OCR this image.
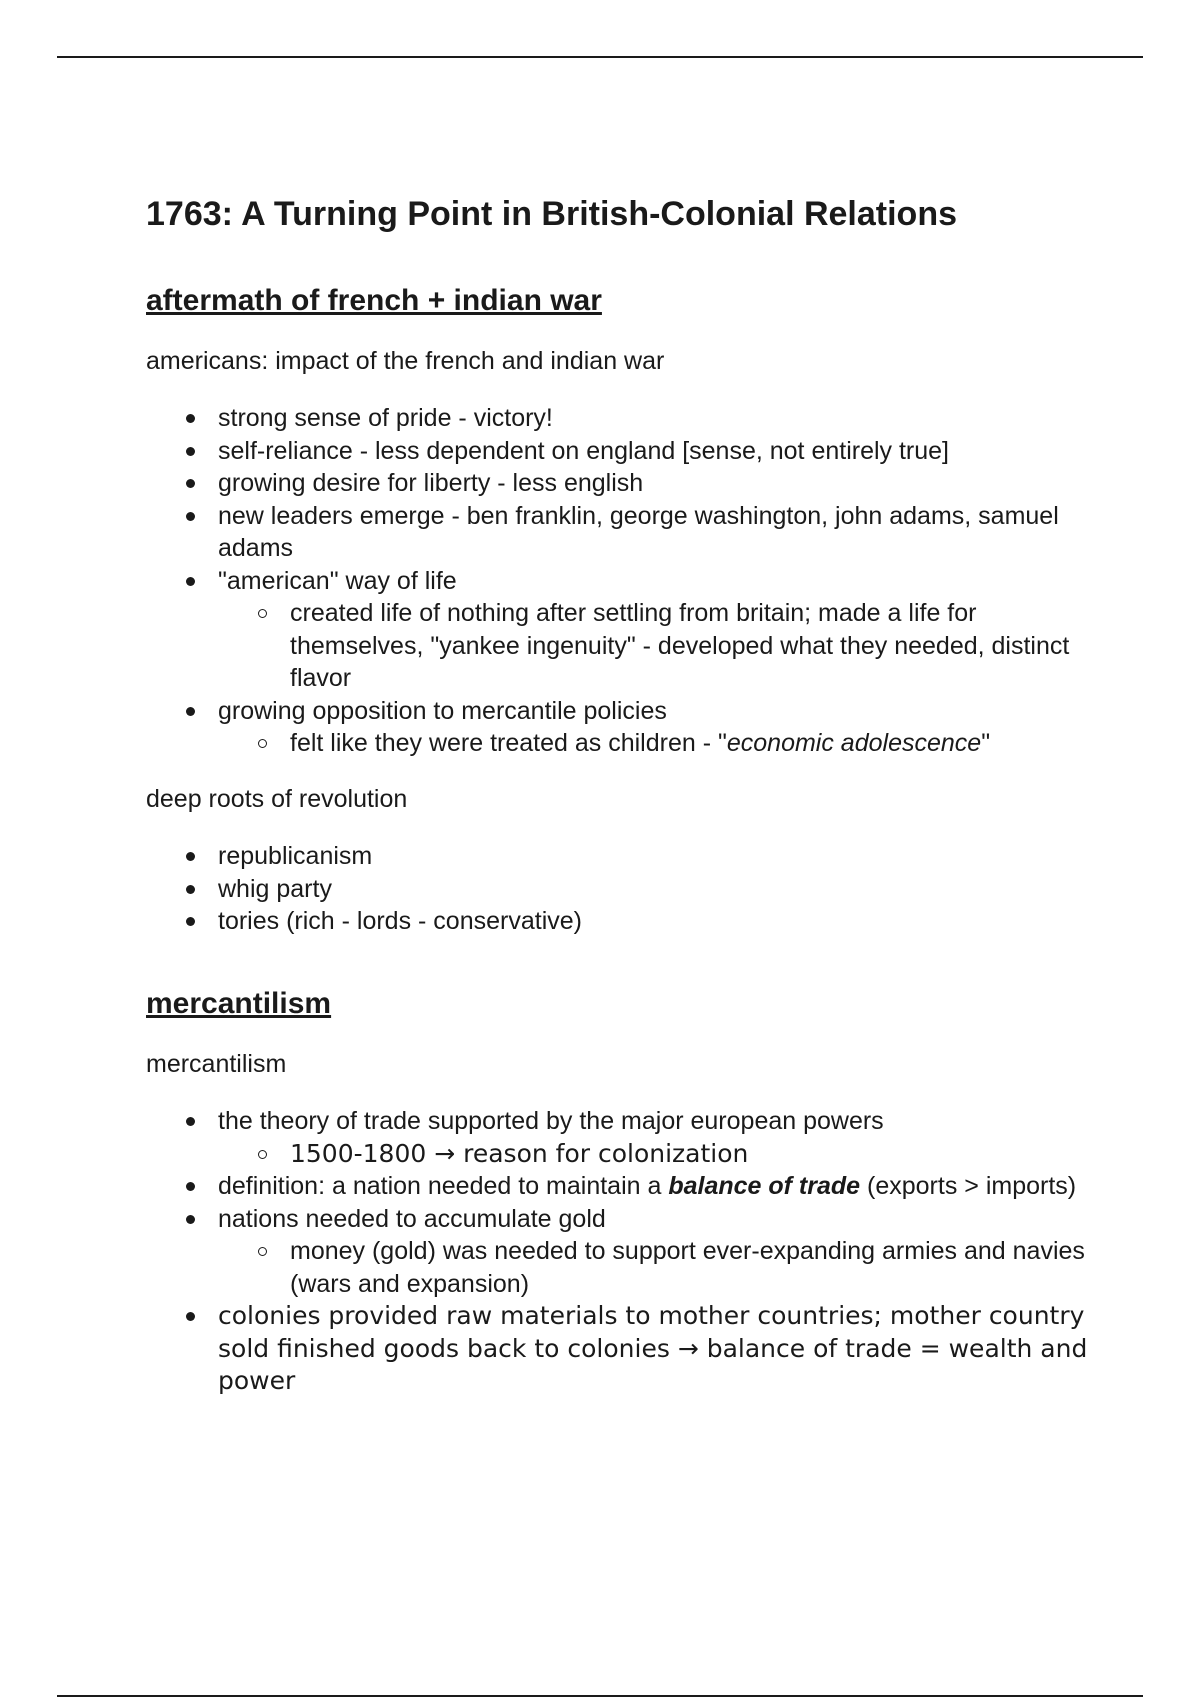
1763: A Turning Point in British-Colonial Relations
aftermath of french + indian war

americans: impact of the french and indian war

strong sense of pride - victory!
self-reliance - less dependent on england [sense, not entirely true]
growing desire for liberty - less english
new leaders emerge - ben franklin, george washington, john adams, samuel adams
"american" way of life
created life of nothing after settling from britain; made a life for themselves, "yankee ingenuity" - developed what they needed, distinct flavor
growing opposition to mercantile policies
felt like they were treated as children - "economic adolescence"

deep roots of revolution

republicanism
whig party
tories (rich - lords - conservative)
mercantilism

mercantilism

the theory of trade supported by the major european powers
1500-1800 → reason for colonization
definition: a nation needed to maintain a balance of trade (exports > imports)
nations needed to accumulate gold
money (gold) was needed to support ever-expanding armies and navies (wars and expansion)
colonies provided raw materials to mother countries; mother country sold finished goods back to colonies → balance of trade = wealth and power
